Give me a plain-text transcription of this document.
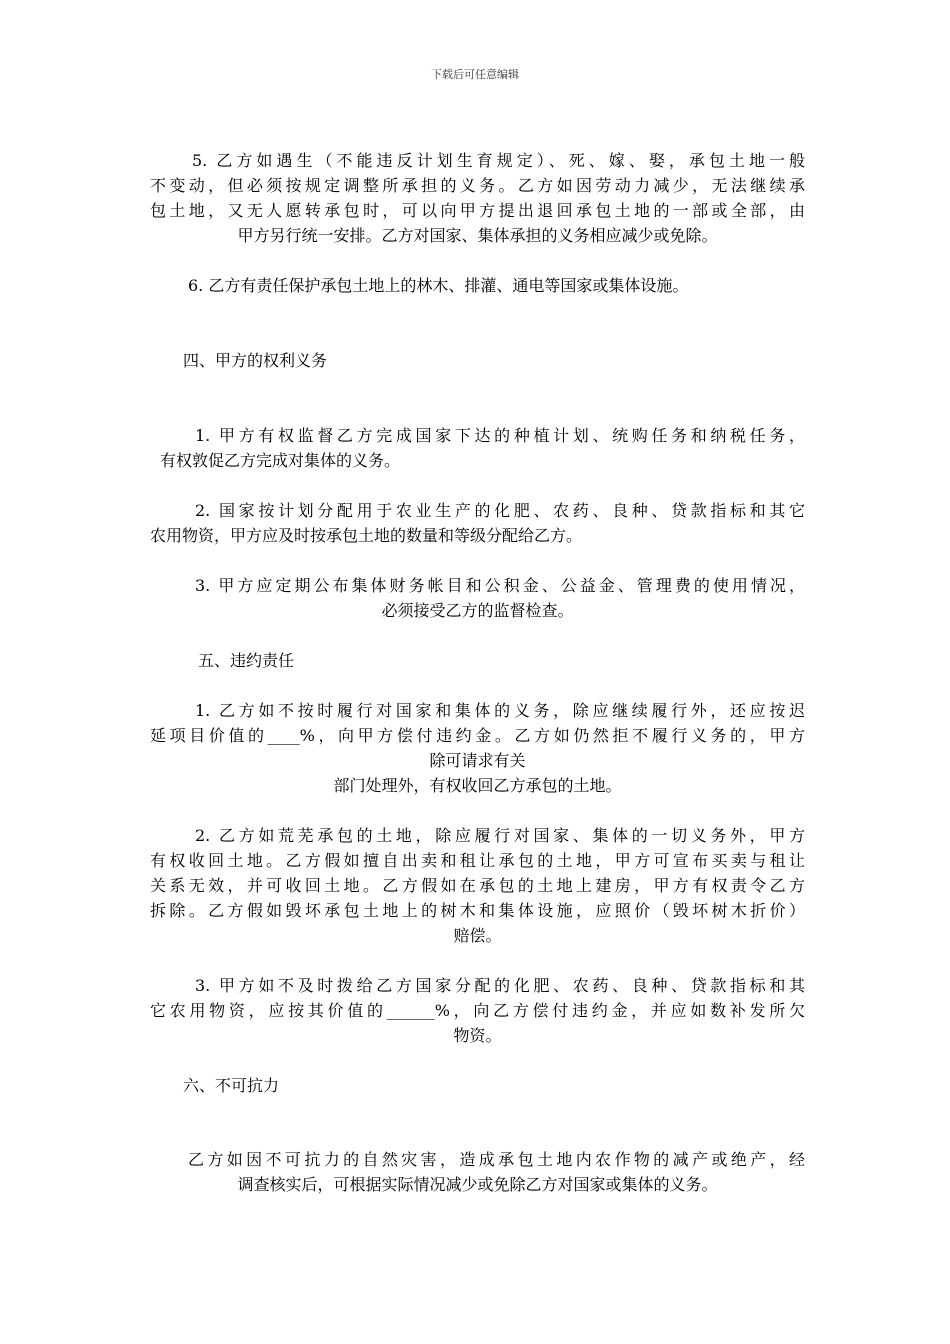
下载后可任意编辑
5. 乙方如遇生（不能违反计划生育规定）、死、嫁、娶，承包土地一般
不变动，但必须按规定调整所承担的义务。乙方如因劳动力减少，无法继续承
包土地，又无人愿转承包时，可以向甲方提出退回承包土地的一部或全部，由
甲方另行统一安排。乙方对国家、集体承担的义务相应减少或免除。
6. 乙方有责任保护承包土地上的林木、排灌、通电等国家或集体设施。
四、甲方的权利义务
1. 甲方有权监督乙方完成国家下达的种植计划、统购任务和纳税任务，
有权敦促乙方完成对集体的义务。
2. 国家按计划分配用于农业生产的化肥、农药、良种、贷款指标和其它
农用物资，甲方应及时按承包土地的数量和等级分配给乙方。
3. 甲方应定期公布集体财务帐目和公积金、公益金、管理费的使用情况，
必须接受乙方的监督检查。
五、违约责任
1. 乙方如不按时履行对国家和集体的义务，除应继续履行外，还应按迟
延项目价值的____%，向甲方偿付违约金。乙方如仍然拒不履行义务的，甲方
除可请求有关
部门处理外，有权收回乙方承包的土地。
2. 乙方如荒芜承包的土地，除应履行对国家、集体的一切义务外，甲方
有权收回土地。乙方假如擅自出卖和租让承包的土地，甲方可宣布买卖与租让
关系无效，并可收回土地。乙方假如在承包的土地上建房，甲方有权责令乙方
拆除。乙方假如毁坏承包土地上的树木和集体设施，应照价（毁坏树木折价）
赔偿。
3. 甲方如不及时拨给乙方国家分配的化肥、农药、良种、贷款指标和其
它农用物资，应按其价值的______%，向乙方偿付违约金，并应如数补发所欠
物资。
六、不可抗力
乙方如因不可抗力的自然灾害，造成承包土地内农作物的减产或绝产，经
调查核实后，可根据实际情况减少或免除乙方对国家或集体的义务。
